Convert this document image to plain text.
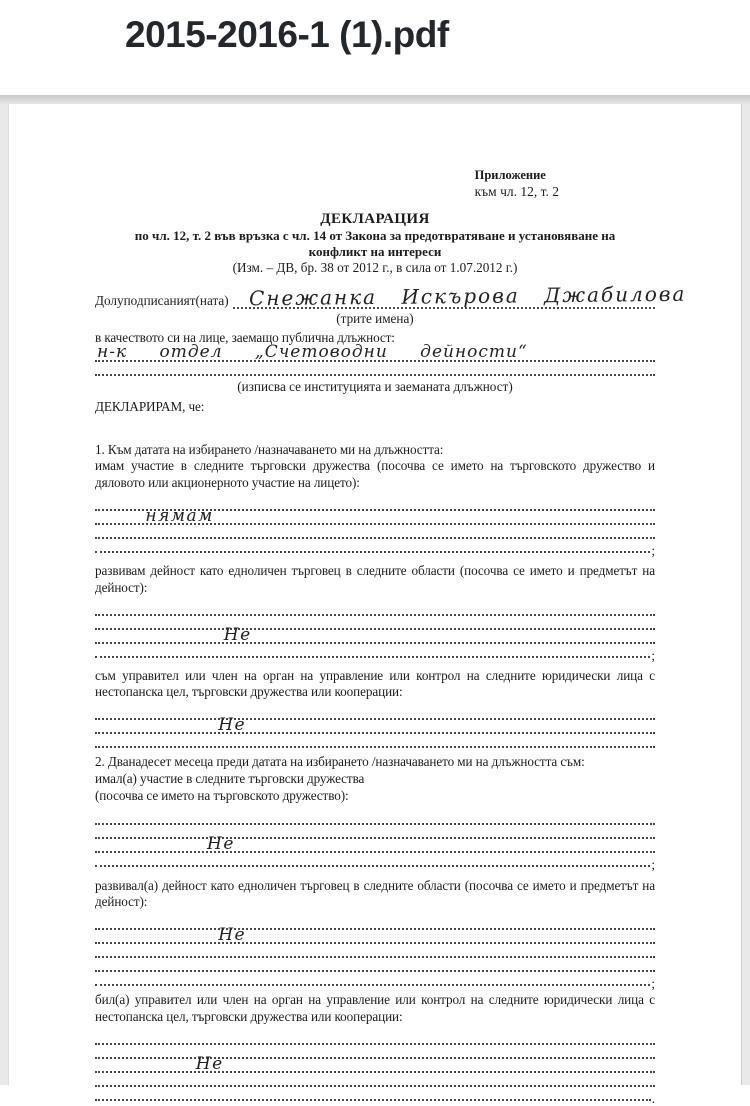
2015-2016-1 (1).pdf
Приложение
към чл. 12, т. 2
ДЕКЛАРАЦИЯ
по чл. 12, т. 2 във връзка с чл. 14 от Закона за предотвратяване и установяване на
конфликт на интереси
(Изм. – ДВ, бр. 38 от 2012 г., в сила от 1.07.2012 г.)
Долуподписаният(ната) Снежанка Искърова Джабилова
(трите имена)
в качеството си на лице, заемащо публична длъжност:
н-к отдел „Счетоводни дейности“
(изписва се институцията и заеманата длъжност)
ДЕКЛАРИРАМ, че:
1. Към датата на избирането /назначаването ми на длъжността:
имам участие в следните търговски дружества (посочва се името на търговското дружество и дяловото или акционерното участие на лицето):
нямам
;
развивам дейност като едноличен търговец в следните области (посочва се името и предметът на дейност):
Не
;
съм управител или член на орган на управление или контрол на следните юридически лица с нестопанска цел, търговски дружества или кооперации:
Не
2. Дванадесет месеца преди датата на избирането /назначаването ми на длъжността съм:
имал(а) участие в следните търговски дружества
(посочва се името на търговското дружество):
Не
;
развивал(а) дейност като едноличен търговец в следните области (посочва се името и предметът на дейност):
Не
;
бил(а) управител или член на орган на управление или контрол на следните юридически лица с нестопанска цел, търговски дружества или кооперации:
Не
.
